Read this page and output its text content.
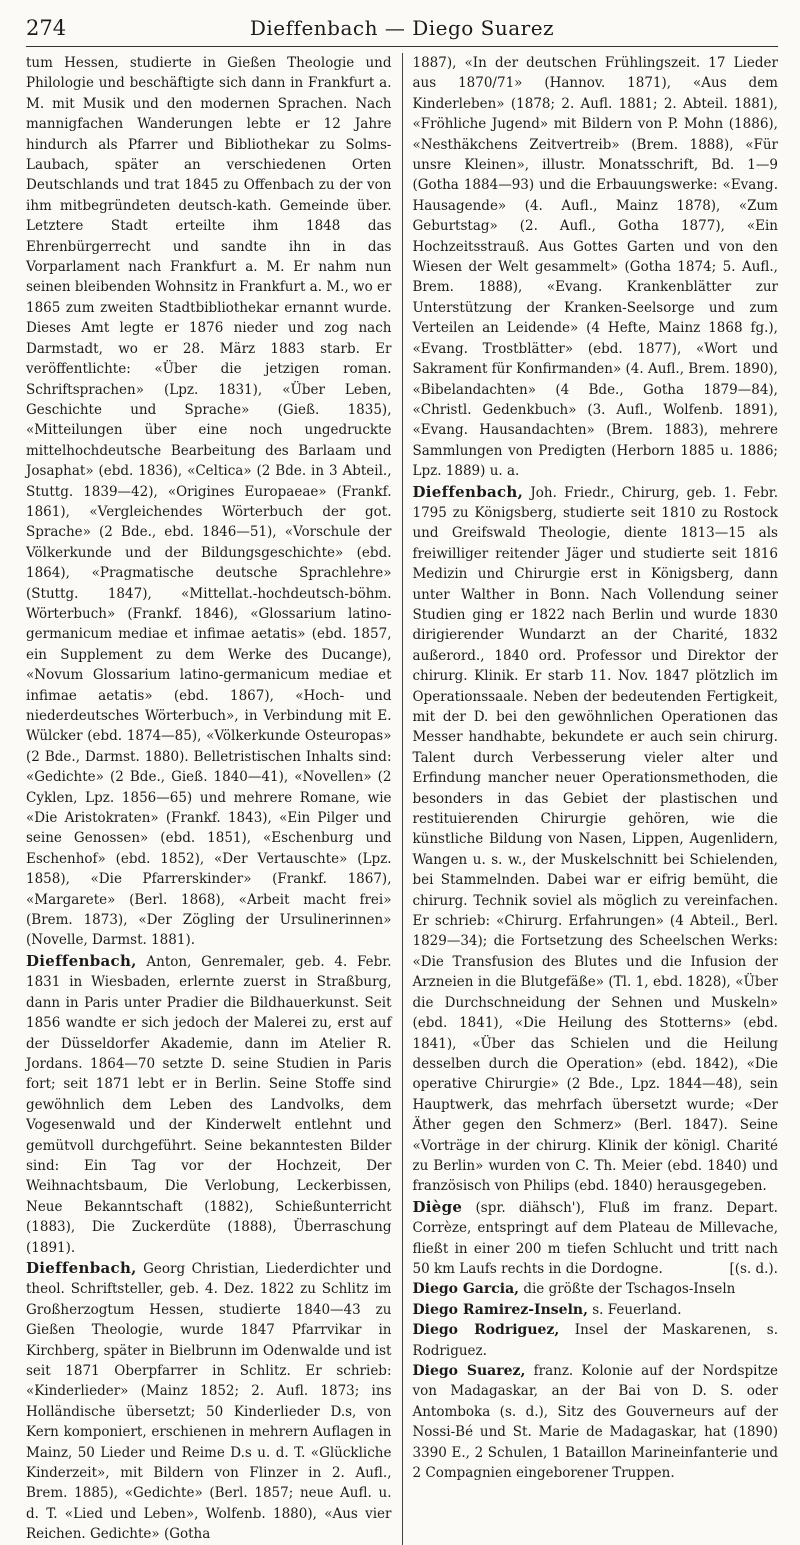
274	Dieffenbach — Diego Suarez

tum Hessen, studierte in Gießen Theologie und Philologie und beschäftigte sich dann in Frankfurt a. M. mit Musik und den modernen Sprachen. Nach mannigfachen Wanderungen lebte er 12 Jahre hindurch als Pfarrer und Bibliothekar zu Solms-Laubach, später an verschiedenen Orten Deutschlands und trat 1845 zu Offenbach zu der von ihm mitbegründeten deutsch-kath. Gemeinde über. Letztere Stadt erteilte ihm 1848 das Ehrenbürgerrecht und sandte ihn in das Vorparlament nach Frankfurt a. M. Er nahm nun seinen bleibenden Wohnsitz in Frankfurt a. M., wo er 1865 zum zweiten Stadtbibliothekar ernannt wurde. Dieses Amt legte er 1876 nieder und zog nach Darmstadt, wo er 28. März 1883 starb. Er veröffentlichte: «Über die jetzigen roman. Schriftsprachen» (Lpz. 1831), «Über Leben, Geschichte und Sprache» (Gieß. 1835), «Mitteilungen über eine noch ungedruckte mittelhochdeutsche Bearbeitung des Barlaam und Josaphat» (ebd. 1836), «Celtica» (2 Bde. in 3 Abteil., Stuttg. 1839—42), «Origines Europaeae» (Frankf. 1861), «Vergleichendes Wörterbuch der got. Sprache» (2 Bde., ebd. 1846—51), «Vorschule der Völkerkunde und der Bildungsgeschichte» (ebd. 1864), «Pragmatische deutsche Sprachlehre» (Stuttg. 1847), «Mittellat.-hochdeutsch-böhm. Wörterbuch» (Frankf. 1846), «Glossarium latino-germanicum mediae et infimae aetatis» (ebd. 1857, ein Supplement zu dem Werke des Ducange), «Novum Glossarium latino-germanicum mediae et infimae aetatis» (ebd. 1867), «Hoch- und niederdeutsches Wörterbuch», in Verbindung mit E. Wülcker (ebd. 1874—85), «Völkerkunde Osteuropas» (2 Bde., Darmst. 1880). Belletristischen Inhalts sind: «Gedichte» (2 Bde., Gieß. 1840—41), «Novellen» (2 Cyklen, Lpz. 1856—65) und mehrere Romane, wie «Die Aristokraten» (Frankf. 1843), «Ein Pilger und seine Genossen» (ebd. 1851), «Eschenburg und Eschenhof» (ebd. 1852), «Der Vertauschte» (Lpz. 1858), «Die Pfarrerskinder» (Frankf. 1867), «Margarete» (Berl. 1868), «Arbeit macht frei» (Brem. 1873), «Der Zögling der Ursulinerinnen» (Novelle, Darmst. 1881).

Dieffenbach, Anton, Genremaler, geb. 4. Febr. 1831 in Wiesbaden, erlernte zuerst in Straßburg, dann in Paris unter Pradier die Bildhauerkunst. Seit 1856 wandte er sich jedoch der Malerei zu, erst auf der Düsseldorfer Akademie, dann im Atelier R. Jordans. 1864—70 setzte D. seine Studien in Paris fort; seit 1871 lebt er in Berlin. Seine Stoffe sind gewöhnlich dem Leben des Landvolks, dem Vogesenwald und der Kinderwelt entlehnt und gemütvoll durchgeführt. Seine bekanntesten Bilder sind: Ein Tag vor der Hochzeit, Der Weihnachtsbaum, Die Verlobung, Leckerbissen, Neue Bekanntschaft (1882), Schießunterricht (1883), Die Zuckerdüte (1888), Überraschung (1891).

Dieffenbach, Georg Christian, Liederdichter und theol. Schriftsteller, geb. 4. Dez. 1822 zu Schlitz im Großherzogtum Hessen, studierte 1840—43 zu Gießen Theologie, wurde 1847 Pfarrvikar in Kirchberg, später in Bielbrunn im Odenwalde und ist seit 1871 Oberpfarrer in Schlitz. Er schrieb: «Kinderlieder» (Mainz 1852; 2. Aufl. 1873; ins Holländische übersetzt; 50 Kinderlieder D.s, von Kern komponiert, erschienen in mehrern Auflagen in Mainz, 50 Lieder und Reime D.s u. d. T. «Glückliche Kinderzeit», mit Bildern von Flinzer in 2. Aufl., Brem. 1885), «Gedichte» (Berl. 1857; neue Aufl. u. d. T. «Lied und Leben», Wolfenb. 1880), «Aus vier Reichen. Gedichte» (Gotha

1887), «In der deutschen Frühlingszeit. 17 Lieder aus 1870/71» (Hannov. 1871), «Aus dem Kinderleben» (1878; 2. Aufl. 1881; 2. Abteil. 1881), «Fröhliche Jugend» mit Bildern von P. Mohn (1886), «Nesthäkchens Zeitvertreib» (Brem. 1888), «Für unsre Kleinen», illustr. Monatsschrift, Bd. 1—9 (Gotha 1884—93) und die Erbauungswerke: «Evang. Hausagende» (4. Aufl., Mainz 1878), «Zum Geburtstag» (2. Aufl., Gotha 1877), «Ein Hochzeitsstrauß. Aus Gottes Garten und von den Wiesen der Welt gesammelt» (Gotha 1874; 5. Aufl., Brem. 1888), «Evang. Krankenblätter zur Unterstützung der Kranken-Seelsorge und zum Verteilen an Leidende» (4 Hefte, Mainz 1868 fg.), «Evang. Trostblätter» (ebd. 1877), «Wort und Sakrament für Konfirmanden» (4. Aufl., Brem. 1890), «Bibelandachten» (4 Bde., Gotha 1879—84), «Christl. Gedenkbuch» (3. Aufl., Wolfenb. 1891), «Evang. Hausandachten» (Brem. 1883), mehrere Sammlungen von Predigten (Herborn 1885 u. 1886; Lpz. 1889) u. a.

Dieffenbach, Joh. Friedr., Chirurg, geb. 1. Febr. 1795 zu Königsberg, studierte seit 1810 zu Rostock und Greifswald Theologie, diente 1813—15 als freiwilliger reitender Jäger und studierte seit 1816 Medizin und Chirurgie erst in Königsberg, dann unter Walther in Bonn. Nach Vollendung seiner Studien ging er 1822 nach Berlin und wurde 1830 dirigierender Wundarzt an der Charité, 1832 außerord., 1840 ord. Professor und Direktor der chirurg. Klinik. Er starb 11. Nov. 1847 plötzlich im Operationssaale. Neben der bedeutenden Fertigkeit, mit der D. bei den gewöhnlichen Operationen das Messer handhabte, bekundete er auch sein chirurg. Talent durch Verbesserung vieler alter und Erfindung mancher neuer Operationsmethoden, die besonders in das Gebiet der plastischen und restituierenden Chirurgie gehören, wie die künstliche Bildung von Nasen, Lippen, Augenlidern, Wangen u. s. w., der Muskelschnitt bei Schielenden, bei Stammelnden. Dabei war er eifrig bemüht, die chirurg. Technik soviel als möglich zu vereinfachen. Er schrieb: «Chirurg. Erfahrungen» (4 Abteil., Berl. 1829—34); die Fortsetzung des Scheelschen Werks: «Die Transfusion des Blutes und die Infusion der Arzneien in die Blutgefäße» (Tl. 1, ebd. 1828), «Über die Durchschneidung der Sehnen und Muskeln» (ebd. 1841), «Die Heilung des Stotterns» (ebd. 1841), «Über das Schielen und die Heilung desselben durch die Operation» (ebd. 1842), «Die operative Chirurgie» (2 Bde., Lpz. 1844—48), sein Hauptwerk, das mehrfach übersetzt wurde; «Der Äther gegen den Schmerz» (Berl. 1847). Seine «Vorträge in der chirurg. Klinik der königl. Charité zu Berlin» wurden von C. Th. Meier (ebd. 1840) und französisch von Philips (ebd. 1840) herausgegeben.

Diège (spr. diähsch'), Fluß im franz. Depart. Corrèze, entspringt auf dem Plateau de Millevache, fließt in einer 200 m tiefen Schlucht und tritt nach 50 km Laufs rechts in die Dordogne.	[(s. d.).

Diego Garcia, die größte der Tschagos-Inseln

Diego Ramirez-Inseln, s. Feuerland.

Diego Rodriguez, Insel der Maskarenen, s. Rodriguez.

Diego Suarez, franz. Kolonie auf der Nordspitze von Madagaskar, an der Bai von D. S. oder Antomboka (s. d.), Sitz des Gouverneurs auf der Nossi-Bé und St. Marie de Madagaskar, hat (1890) 3390 E., 2 Schulen, 1 Bataillon Marineinfanterie und 2 Compagnien eingeborener Truppen.
